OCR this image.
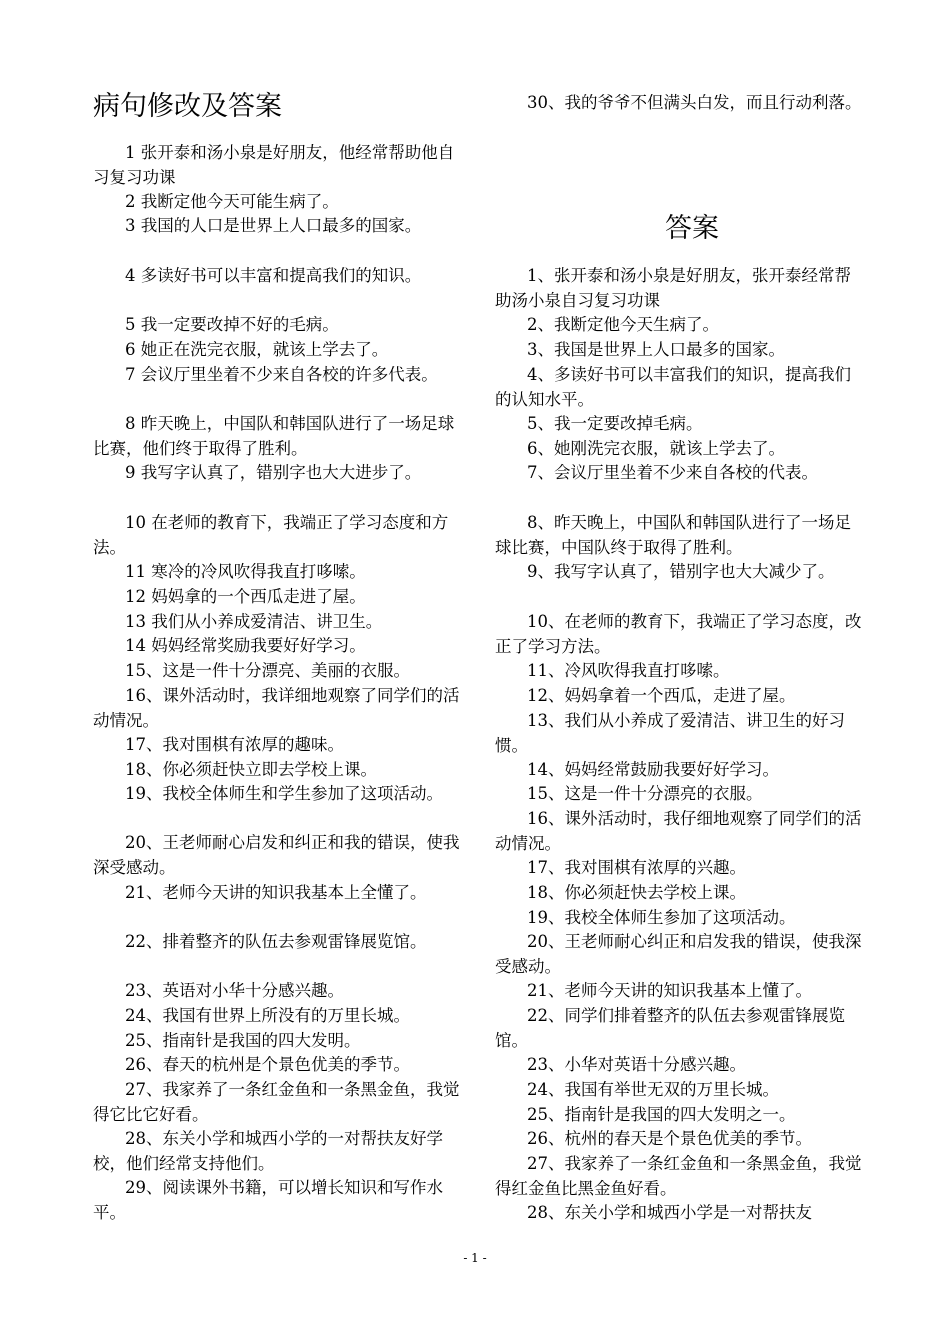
病句修改及答案

1 张开泰和汤小泉是好朋友，他经常帮助他自习复习功课

2 我断定他今天可能生病了。

3 我国的人口是世界上人口最多的国家。

4 多读好书可以丰富和提高我们的知识。

5 我一定要改掉不好的毛病。

6 她正在洗完衣服，就该上学去了。

7 会议厅里坐着不少来自各校的许多代表。

8 昨天晚上，中国队和韩国队进行了一场足球比赛，他们终于取得了胜利。

9 我写字认真了，错别字也大大进步了。

10 在老师的教育下，我端正了学习态度和方法。

11 寒冷的冷风吹得我直打哆嗦。

12 妈妈拿的一个西瓜走进了屋。

13 我们从小养成爱清洁、讲卫生。

14 妈妈经常奖励我要好好学习。

15、这是一件十分漂亮、美丽的衣服。

16、课外活动时，我详细地观察了同学们的活动情况。

17、我对围棋有浓厚的趣味。

18、你必须赶快立即去学校上课。

19、我校全体师生和学生参加了这项活动。

20、王老师耐心启发和纠正和我的错误，使我深受感动。

21、老师今天讲的知识我基本上全懂了。

22、排着整齐的队伍去参观雷锋展览馆。

23、英语对小华十分感兴趣。

24、我国有世界上所没有的万里长城。

25、指南针是我国的四大发明。

26、春天的杭州是个景色优美的季节。

27、我家养了一条红金鱼和一条黑金鱼，我觉得它比它好看。

28、东关小学和城西小学的一对帮扶友好学校，他们经常支持他们。

29、阅读课外书籍，可以增长知识和写作水平。

30、我的爷爷不但满头白发，而且行动利落。

答案

1、张开泰和汤小泉是好朋友，张开泰经常帮助汤小泉自习复习功课

2、我断定他今天生病了。

3、我国是世界上人口最多的国家。

4、多读好书可以丰富我们的知识，提高我们的认知水平。

5、我一定要改掉毛病。

6、她刚洗完衣服，就该上学去了。

7、会议厅里坐着不少来自各校的代表。

8、昨天晚上，中国队和韩国队进行了一场足球比赛，中国队终于取得了胜利。

9、我写字认真了，错别字也大大减少了。

10、在老师的教育下，我端正了学习态度，改正了学习方法。

11、冷风吹得我直打哆嗦。

12、妈妈拿着一个西瓜，走进了屋。

13、我们从小养成了爱清洁、讲卫生的好习惯。

14、妈妈经常鼓励我要好好学习。

15、这是一件十分漂亮的衣服。

16、课外活动时，我仔细地观察了同学们的活动情况。

17、我对围棋有浓厚的兴趣。

18、你必须赶快去学校上课。

19、我校全体师生参加了这项活动。

20、王老师耐心纠正和启发我的错误，使我深受感动。

21、老师今天讲的知识我基本上懂了。

22、同学们排着整齐的队伍去参观雷锋展览馆。

23、小华对英语十分感兴趣。

24、我国有举世无双的万里长城。

25、指南针是我国的四大发明之一。

26、杭州的春天是个景色优美的季节。

27、我家养了一条红金鱼和一条黑金鱼，我觉得红金鱼比黑金鱼好看。

28、东关小学和城西小学是一对帮扶友

- 1 -
